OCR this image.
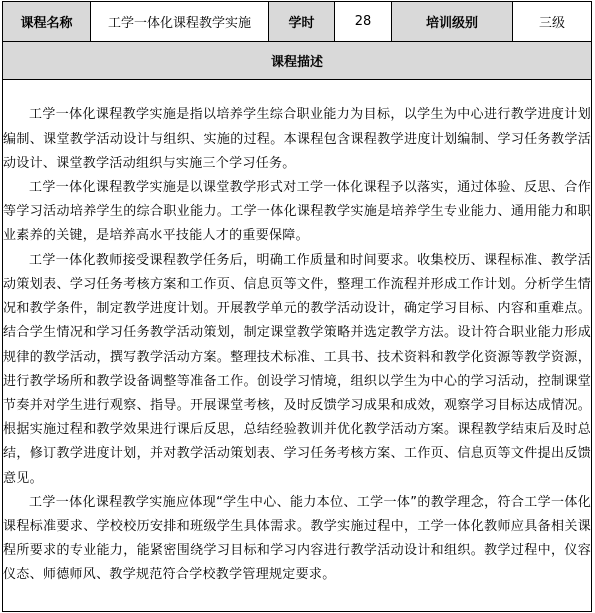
课程名称	工学一体化课程教学实施	学时	28	培训级别	三级
课程描述

工学一体化课程教学实施是指以培养学生综合职业能力为目标，以学生为中心进行教学进度计划编制、课堂教学活动设计与组织、实施的过程。本课程包含课程教学进度计划编制、学习任务教学活动设计、课堂教学活动组织与实施三个学习任务。

工学一体化课程教学实施是以课堂教学形式对工学一体化课程予以落实，通过体验、反思、合作等学习活动培养学生的综合职业能力。工学一体化课程教学实施是培养学生专业能力、通用能力和职业素养的关键，是培养高水平技能人才的重要保障。

工学一体化教师接受课程教学任务后，明确工作质量和时间要求。收集校历、课程标准、教学活动策划表、学习任务考核方案和工作页、信息页等文件，整理工作流程并形成工作计划。分析学生情况和教学条件，制定教学进度计划。开展教学单元的教学活动设计，确定学习目标、内容和重难点。结合学生情况和学习任务教学活动策划，制定课堂教学策略并选定教学方法。设计符合职业能力形成规律的教学活动，撰写教学活动方案。整理技术标准、工具书、技术资料和教学化资源等教学资源，进行教学场所和教学设备调整等准备工作。创设学习情境，组织以学生为中心的学习活动，控制课堂节奏并对学生进行观察、指导。开展课堂考核，及时反馈学习成果和成效，观察学习目标达成情况。根据实施过程和教学效果进行课后反思，总结经验教训并优化教学活动方案。课程教学结束后及时总结，修订教学进度计划，并对教学活动策划表、学习任务考核方案、工作页、信息页等文件提出反馈意见。

工学一体化课程教学实施应体现“学生中心、能力本位、工学一体”的教学理念，符合工学一体化课程标准要求、学校校历安排和班级学生具体需求。教学实施过程中，工学一体化教师应具备相关课程所要求的专业能力，能紧密围绕学习目标和学习内容进行教学活动设计和组织。教学过程中，仪容仪态、师德师风、教学规范符合学校教学管理规定要求。
